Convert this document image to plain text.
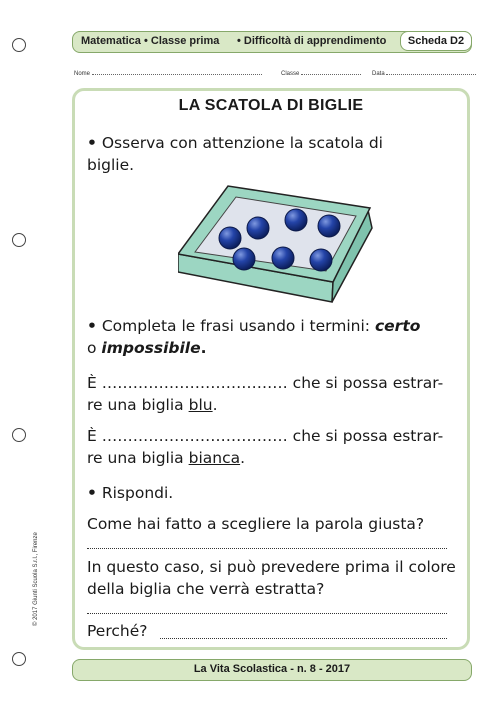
Matematica • Classe prima • Difficoltà di apprendimento	Scheda D2
Nome	Classe	Data
LA SCATOLA DI BIGLIE
• Osserva con attenzione la scatola di
biglie.
• Completa le frasi usando i termini: certo
o impossibile.
È ……………………………… che si possa estrar-
re una biglia blu.
È ……………………………… che si possa estrar-
re una biglia bianca.
• Rispondi.
Come hai fatto a scegliere la parola giusta?
In questo caso, si può prevedere prima il colore
della biglia che verrà estratta?
Perché?
© 2017 Giunti Scuola S.r.l., Firenze
La Vita Scolastica - n. 8 - 2017
